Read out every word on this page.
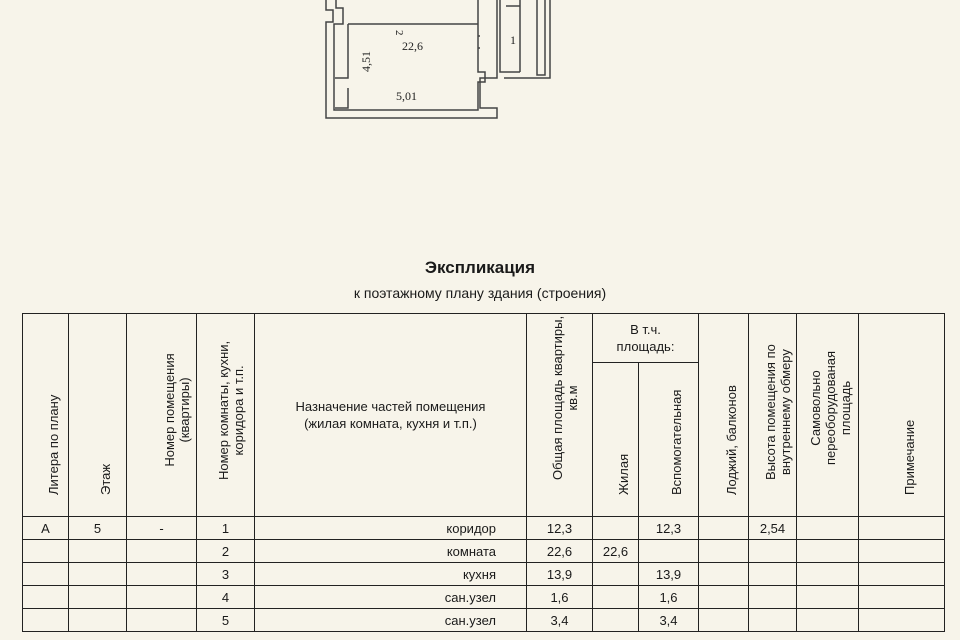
2
22,6
4,51
5,01
1
Экспликация
к поэтажному плану здания (строения)
Литера по плану	Этаж	Номер помещения (квартиры)	Номер комнаты, кухни,
коридора и т.п.	Назначение частей помещения
(жилая комната, кухня и т.п.)	Общая площадь квартиры,
кв.м	В т.ч.
площадь:		Лоджий, балконов	Высота помещения по
внутреннему обмеру	Самовольно
переоборудованая
площадь	Примечание

						Жилая	Вспомогательная				

А	5	-	1	коридор	12,3		12,3		2,54		
			2	комната	22,6	22,6					
			3	кухня	13,9		13,9				
			4	сан.узел	1,6		1,6				
			5	сан.узел	3,4		3,4				
